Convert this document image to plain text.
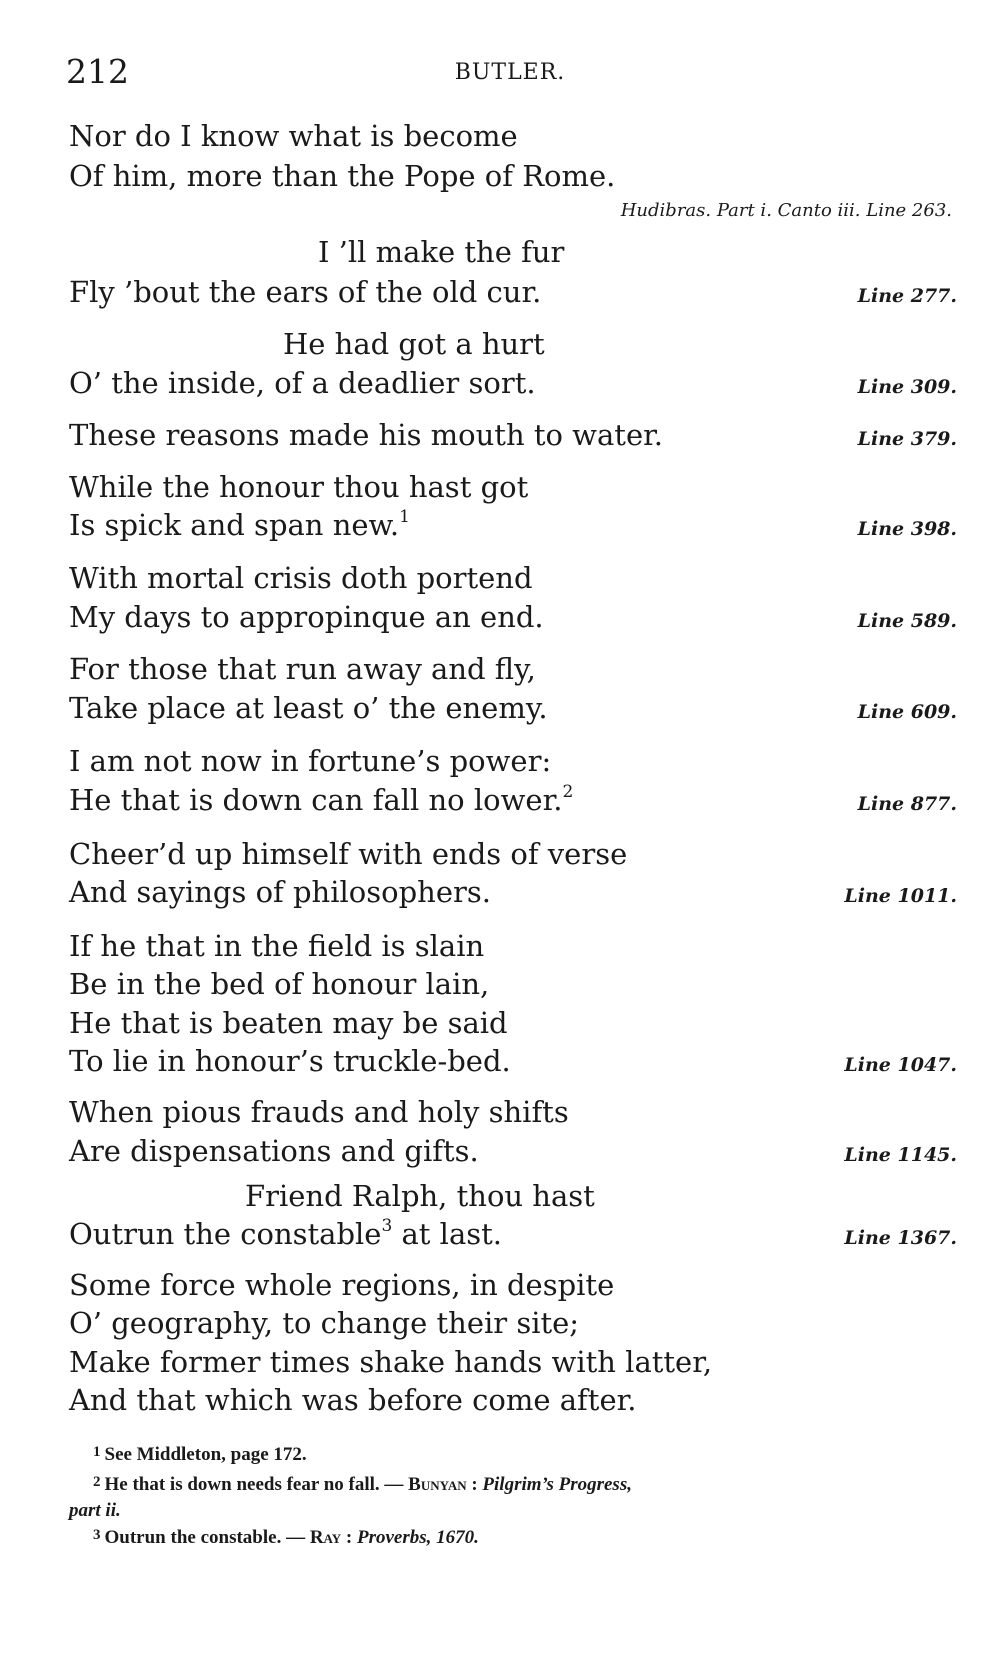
212	BUTLER.
Nor do I know what is become
Of him, more than the Pope of Rome.
Hudibras. Part i. Canto iii. Line 263.
I ’ll make the fur
Fly ’bout the ears of the old cur.	Line 277.
He had got a hurt
O’ the inside, of a deadlier sort.	Line 309.
These reasons made his mouth to water.	Line 379.
While the honour thou hast got
Is spick and span new.$^1$
Line 398.
With mortal crisis doth portend
My days to appropinque an end.	Line 589.
For those that run away and fly,
Take place at least o’ the enemy.	Line 609.
I am not now in fortune’s power:
He that is down can fall no lower.$^2$
Line 877.
Cheer’d up himself with ends of verse
And sayings of philosophers.	Line 1011.
If he that in the field is slain
Be in the bed of honour lain,
He that is beaten may be said
To lie in honour’s truckle-bed.	Line 1047.
When pious frauds and holy shifts
Are dispensations and gifts.	Line 1145.
Friend Ralph, thou hast
Outrun the constable$^3$ at last.	Line 1367.
Some force whole regions, in despite
O’ geography, to change their site;
Make former times shake hands with latter,
And that which was before come after.
$^1$ See Middleton, page 172.
$^2$ He that is down needs fear no fall. — Bunyan : Pilgrim’s Progress,
part ii.
$^3$ Outrun the constable. — Ray : Proverbs, 1670.
